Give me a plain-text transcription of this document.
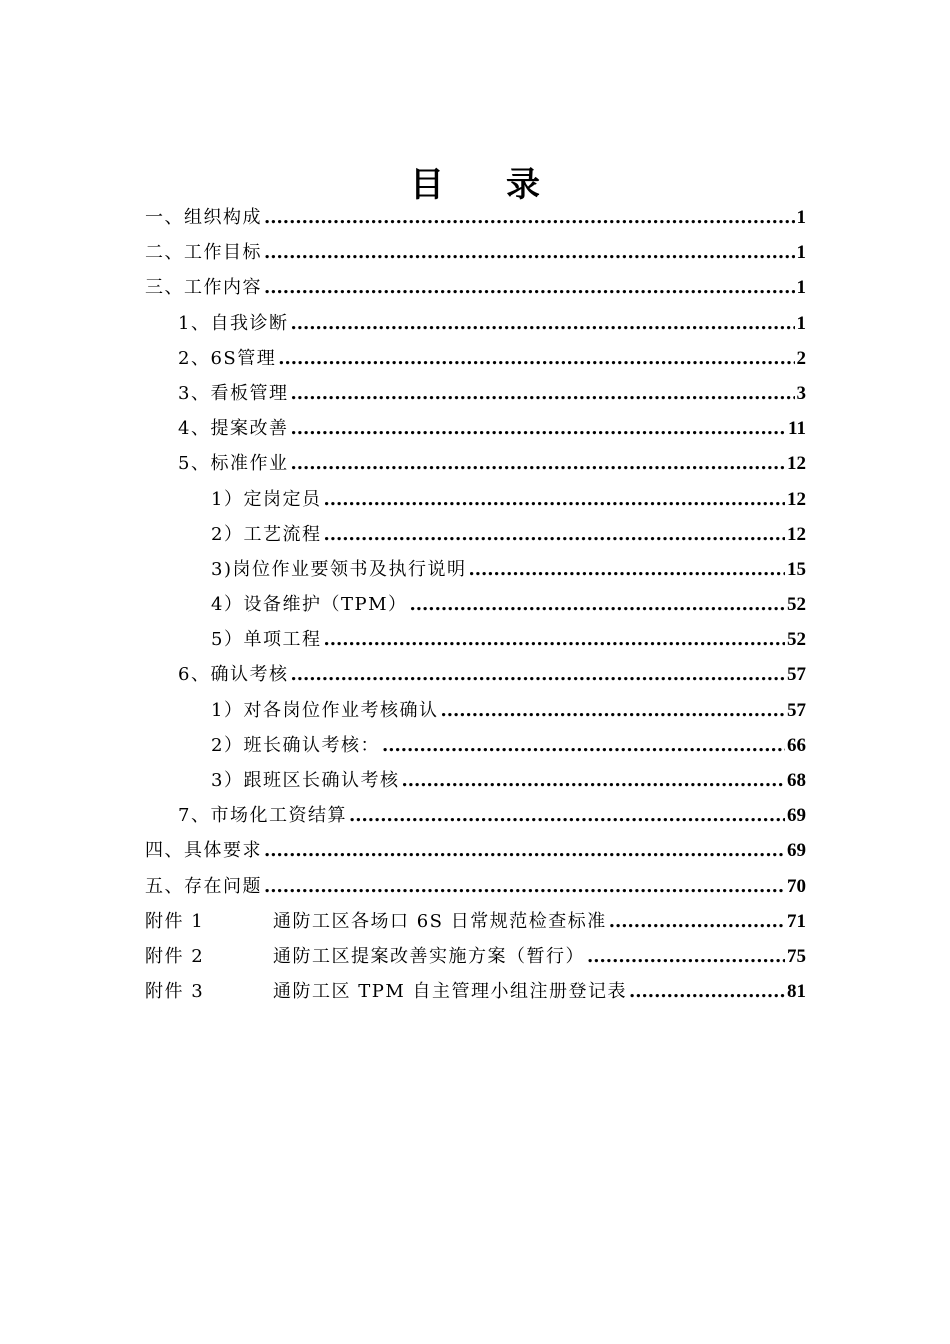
目 录
一、组织构成 .....	1
二、工作目标 .....	1
三、工作内容 .....	1
1、自我诊断 .....	1
2、6S管理 .....	2
3、看板管理 .....	3
4、提案改善 .....	11
5、标准作业 .....	12
1）定岗定员 .....	12
2）工艺流程 .....	12
3)岗位作业要领书及执行说明 .....	15
4）设备维护（TPM） .....	52
5）单项工程 .....	52
6、确认考核 .....	57
1）对各岗位作业考核确认 .....	57
2）班长确认考核： .....	66
3）跟班区长确认考核 .....	68
7、市场化工资结算 .....	69
四、具体要求 .....	69
五、存在问题 .....	70
附件 1	通防工区各场口 6S 日常规范检查标准 .....	71
附件 2	通防工区提案改善实施方案（暂行） .....	75
附件 3	通防工区 TPM 自主管理小组注册登记表 .....	81
